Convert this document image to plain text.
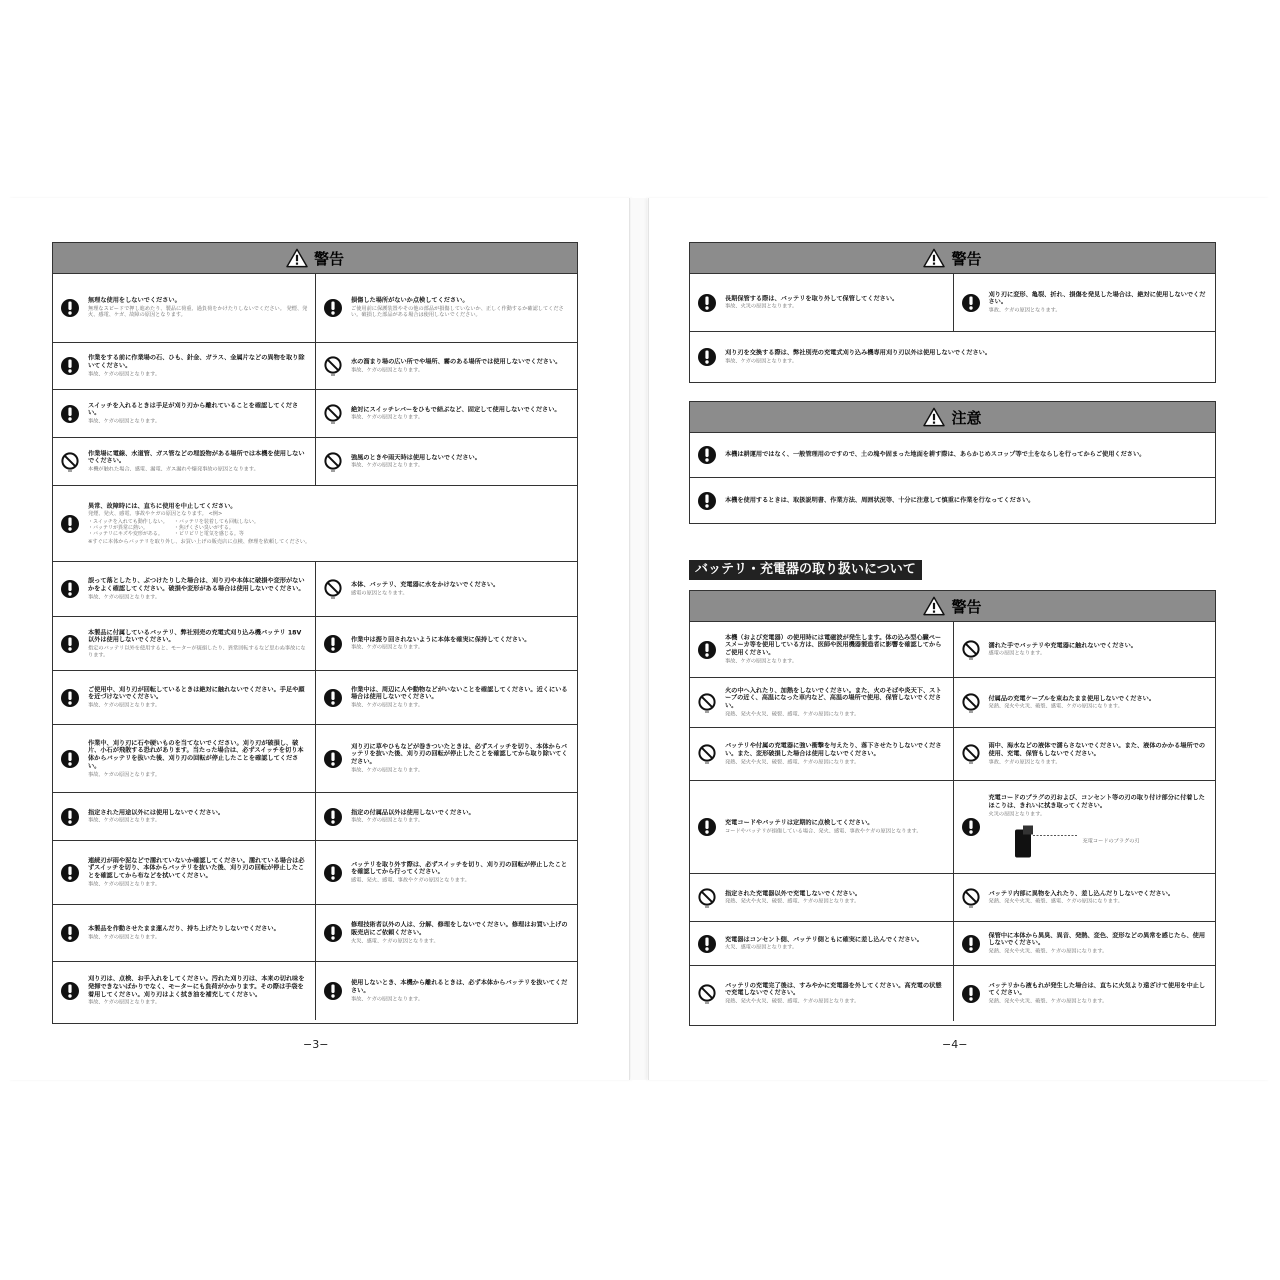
警告
無理な使用をしないでください。
無理なスピードで押し進めたり、製品に荷重、過負荷をかけたりしないでください。 発煙、発火、感電、ケガ、故障の原因となります。
損傷した場所がないか点検してください。
ご使用前に保護装置やその他の部品が損傷していないか、正しく作動するか確認してください。破損した部品がある場合は使用しないでください。
作業をする前に作業場の石、ひも、針金、ガラス、金属片などの異物を取り除いてください。
事故、ケガの原因となります。
水の溜まり場の広い所でや場所、霧のある場所では使用しないでください。
事故、ケガの原因となります。
スイッチを入れるときは手足が刈り刃から離れていることを確認してください。
事故、ケガの原因となります。
絶対にスイッチレバーをひもで結ぶなど、固定して使用しないでください。
事故、ケガの原因となります。
作業場に電線、水道管、ガス管などの埋設物がある場所では本機を使用しないでください。
本機が触れた場合、感電、漏電、ガス漏れや爆発事故の原因となります。
強風のときや雨天時は使用しないでください。
事故、ケガの原因となります。
異常、故障時には、直ちに使用を中止してください。
発煙、発火、感電、事故やケガの原因となります。 <例>
・スイッチを入れても動作しない。
・バッテリが異常に熱い。
・バッテリにキズや変形がある。
・バッテリを装着しても回転しない。
・焦げくさい臭いがする。
・ビリビリと電気を感じる。等
※すぐに本体からバッテリを取り外し、お買い上げの販売店に点検、修理を依頼してください。
誤って落としたり、ぶつけたりした場合は、刈り刃や本体に破損や変形がないかをよく確認してください。破損や変形がある場合は使用しないでください。
事故、ケガの原因となります。
本体、バッテリ、充電器に水をかけないでください。
感電の原因となります。
本製品に付属しているバッテリ、弊社別売の充電式刈り込み機バッテリ 18V 以外は使用しないでください。
指定のバッテリ以外を使用すると、モーターが焼損したり、異常回転するなど思わぬ事故になります。
作業中は振り回されないように本体を確実に保持してください。
事故、ケガの原因となります。
ご使用中、刈り刃が回転しているときは絶対に触れないでください。手足や顔を近づけないでください。
事故、ケガの原因となります。
作業中は、周辺に人や動物などがいないことを確認してください。近くにいる場合は使用しないでください。
事故、ケガの原因となります。
作業中、刈り刃に石や硬いものを当てないでください。刈り刃が破損し、破片、小石が飛散する恐れがあります。当たった場合は、必ずスイッチを切り本体からバッテリを抜いた後、刈り刃の回転が停止したことを確認してください。
事故、ケガの原因となります。
刈り刃に草やひもなどが巻きついたときは、必ずスイッチを切り、本体からバッテリを抜いた後、刈り刃の回転が停止したことを確認してから取り除いてください。
事故、ケガの原因となります。
指定された用途以外には使用しないでください。
事故、ケガの原因となります。
指定の付属品以外は使用しないでください。
事故、ケガの原因となります。
連続刃が雨や泥などで濡れていないか確認してください。濡れている場合は必ずスイッチを切り、本体からバッテリを抜いた後、刈り刃の回転が停止したことを確認してから布などを拭いてください。
事故、ケガの原因となります。
バッテリを取り外す際は、必ずスイッチを切り、刈り刃の回転が停止したことを確認してから行ってください。
感電、発火、感電、事故やケガの原因となります。
本製品を作動させたまま運んだり、持ち上げたりしないでください。
事故、ケガの原因となります。
修理技術者以外の人は、分解、修理をしないでください。修理はお買い上げの販売店にご依頼ください。
火災、感電、ケガの原因となります。
刈り刃は、点検、お手入れをしてください。汚れた刈り刃は、本来の切れ味を発揮できないばかりでなく、モーターにも負荷がかかります。その際は手袋を着用してください。刈り刃はよく拭き油を補充してください。
事故、ケガの原因となります。
使用しないとき、本機から離れるときは、必ず本体からバッテリを抜いてください。
事故、ケガの原因となります。
−3−
警告
長期保管する際は、バッテリを取り外して保管してください。
事故、火災の原因となります。
刈り刃に変形、亀裂、折れ、損傷を発見した場合は、絶対に使用しないでください。
事故、ケガの原因となります。
刈り刃を交換する際は、弊社別売の充電式刈り込み機専用刈り刃以外は使用しないでください。
事故、ケガの原因となります。
注意
本機は耕運用ではなく、一般管理用のですので、土の塊や固まった地面を耕す際は、あらかじめスコップ等で土をならしを行ってからご使用ください。
本機を使用するときは、取扱説明書、作業方法、周囲状況等、十分に注意して慎重に作業を行なってください。
バッテリ・充電器の取り扱いについて
警告
本機（および充電器）の使用時には電磁波が発生します。体の込み型心臓ペースメーカ等を使用している方は、医師や医用機器製造者に影響を確認してからご使用ください。
事故、ケガの原因となります。
濡れた手でバッテリや充電器に触れないでください。
感電の原因となります。
火の中へ入れたり、加熱をしないでください。また、火のそばや炎天下、ストーブの近く、高温になった車内など、高温の場所で使用、保管しないでください。
発熱、発火や火災、破裂、感電、ケガの原因になります。
付属品の充電ケーブルを束ねたまま使用しないでください。
発熱、発火や火災、破裂、感電、ケガの原因になります。
バッテリや付属の充電器に強い衝撃を与えたり、落下させたりしないでください。また、変形破損した場合は使用しないでください。
発熱、発火や火災、破裂、感電、ケガの原因になります。
雨中、海水などの液体で濡らさないでください。また、液体のかかる場所での使用、充電、保管もしないでください。
事故、ケガの原因となります。
充電コードやバッテリは定期的に点検してください。
コードやバッテリが損傷している場合、発火、感電、事故やケガの原因となります。
充電コードのプラグの刃および、コンセント等の刃の取り付け部分に付着したほこりは、きれいに拭き取ってください。
火災の原因となります。
充電コードのプラグの刃
指定された充電器以外で充電しないでください。
発熱、発火や火災、破裂、感電、ケガの原因となります。
バッテリ内部に異物を入れたり、差し込んだりしないでください。
発熱、発火や火災、破裂、感電、ケガの原因になります。
充電器はコンセント側、バッテリ側ともに確実に差し込んでください。
火災、感電の原因となります。
保管中に本体から異臭、異音、発熱、変色、変形などの異常を感じたら、使用しないでください。
発熱、発火や火災、破裂、ケガの原因になります。
バッテリの充電完了後は、すみやかに充電器を外してください。高充電の状態で充電しないでください。
発熱、発火や火災、破裂、感電、ケガの原因となります。
バッテリから液もれが発生した場合は、直ちに火気より遠ざけて使用を中止してください。
発熱、発火や火災、破裂、ケガの原因となります。
−4−
